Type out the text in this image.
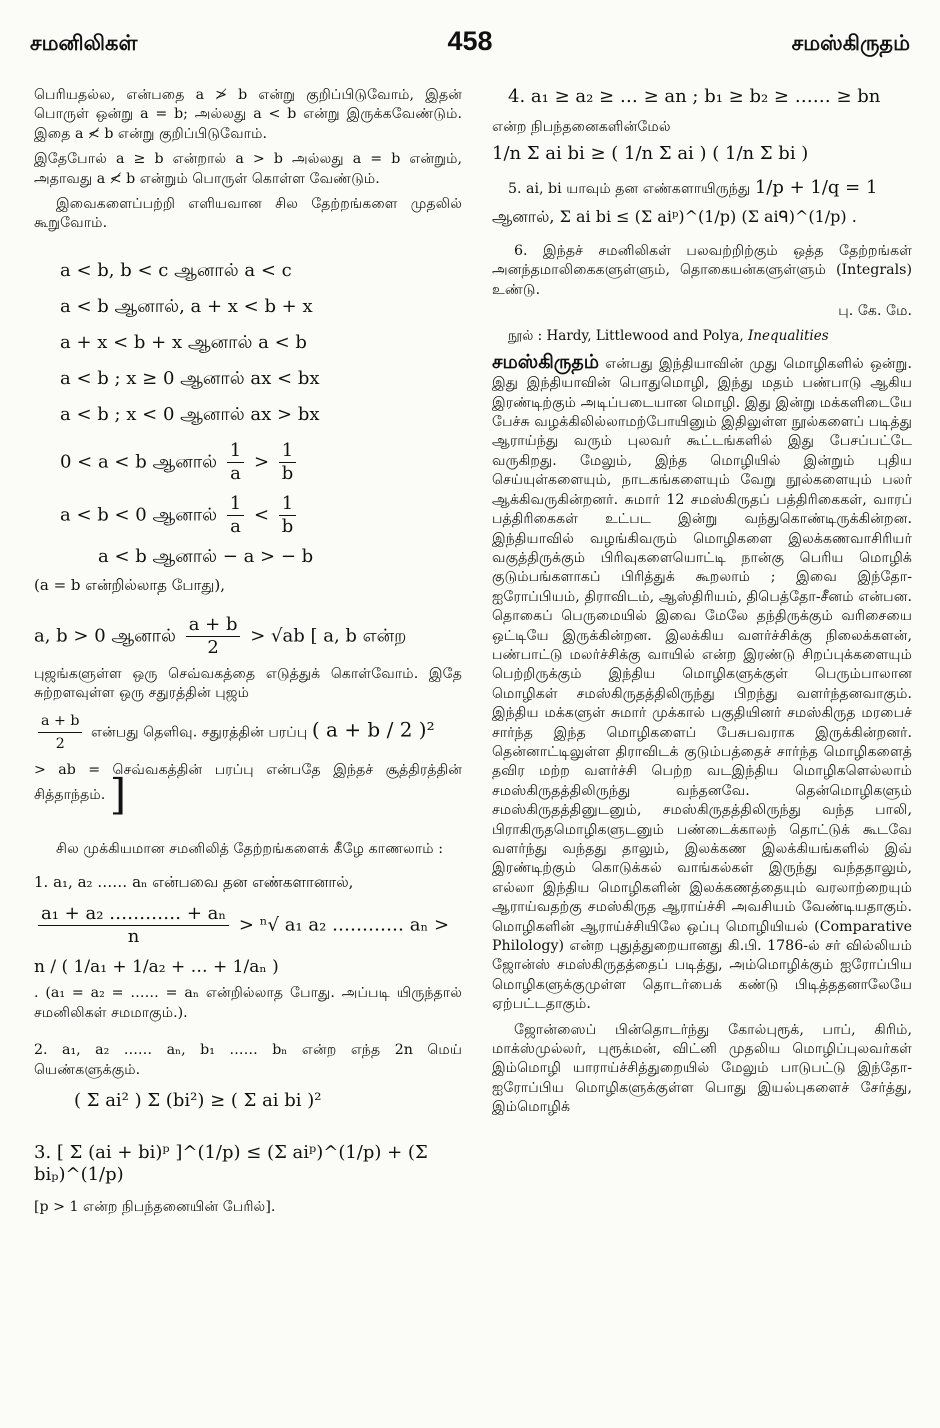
சமனிலிகள்	458	சமஸ்கிருதம்

பெரியதல்ல, என்பதை a ≯ b என்று குறிப்பிடுவோம், இதன் பொருள் ஒன்று a = b; அல்லது a < b என்று இருக்கவேண்டும். இதை a ≮ b என்று குறிப்பிடுவோம்.

இதேபோல் a ≥ b என்றால் a > b அல்லது a = b என்றும், அதாவது a ≮ b என்றும் பொருள் கொள்ள வேண்டும்.

இவைகளைப்பற்றி எளியவான சில தேற்றங்களை முதலில் கூறுவோம்.

a < b, b < c ஆனால் a < c

a < b ஆனால், a + x < b + x

a + x < b + x ஆனால் a < b

a < b ; x ≥ 0 ஆனால் ax < bx

a < b ; x < 0 ஆனால் ax > bx

0 < a < b ஆனால் $\frac{1}{a} > \frac{1}{b}$

a < b < 0 ஆனால் $\frac{1}{a} < \frac{1}{b}$

a < b ஆனால் − a > − b

(a = b என்றில்லாத போது),

a, b > 0 ஆனால் $\frac{a + b}{2} > √ab$ [ a, b என்ற

புஜங்களுள்ள ஒரு செவ்வகத்தை எடுத்துக் கொள்வோம். இதே சுற்றளவுள்ள ஒரு சதுரத்தின் புஜம்

$\frac{a + b}{2}$ என்பது தெளிவு. சதுரத்தின் பரப்பு ( a + b / 2 )²

> ab = செவ்வகத்தின் பரப்பு என்பதே இந்தச் சூத்திரத்தின் சித்தாந்தம். ]

சில முக்கியமான சமனிலித் தேற்றங்களைக் கீழே காணலாம் :

1. a₁, a₂ …… aₙ என்பவை தன எண்களானால்,

$\frac{\text{a₁ + a₂ ………… + aₙ}}{n} > ^n√$ a₁ a₂ ………… aₙ >

n / ( 1/a₁ + 1/a₂ + … + 1/aₙ )

. (a₁ = a₂ = …… = aₙ என்றில்லாத போது. அப்படி யிருந்தால் சமனிலிகள் சமமாகும்.).

2. a₁, a₂ …… aₙ, b₁ …… bₙ என்ற எந்த 2n மெய் யெண்களுக்கும்.

( Σ ai² ) Σ (bi²) ≥ ( Σ ai bi )²

3. [ Σ (ai + bi)ᵖ ]^(1/p) ≤ (Σ aiᵖ)^(1/p) + (Σ biₚ)^(1/p)

[p > 1 என்ற நிபந்தனையின் பேரில்].

4. a₁ ≥ a₂ ≥ … ≥ an ; b₁ ≥ b₂ ≥ …… ≥ bn

என்ற நிபந்தனைகளின்மேல்

1/n Σ ai bi ≥ ( 1/n Σ ai ) ( 1/n Σ bi )

5. ai, bi யாவும் தன எண்களாயிருந்து 1/p + 1/q = 1

ஆனால், Σ ai bi ≤ (Σ aiᵖ)^(1/p) (Σ aiᑫ)^(1/p) .

6. இந்தச் சமனிலிகள் பலவற்றிற்கும் ஒத்த தேற்றங்கள் அனந்தமாலிகைகளுள்ளும், தொகையன்களுள்ளும் (Integrals) உண்டு.

பு. கே. மே.

நூல் : Hardy, Littlewood and Polya, Inequalities

சமஸ்கிருதம் என்பது இந்தியாவின் முது மொழிகளில் ஒன்று. இது இந்தியாவின் பொதுமொழி, இந்து மதம் பண்பாடு ஆகிய இரண்டிற்கும் அடிப்படையான மொழி. இது இன்று மக்களிடையே பேச்சு வழக்கிலில்லாமற்போயினும் இதிலுள்ள நூல்களைப் படித்து ஆராய்ந்து வரும் புலவர் கூட்டங்களில் இது பேசப்பட்டே வருகிறது. மேலும், இந்த மொழியில் இன்றும் புதிய செய்யுள்களையும், நாடகங்களையும் வேறு நூல்களையும் பலர் ஆக்கிவருகின்றனர். சுமார் 12 சமஸ்கிருதப் பத்திரிகைகள், வாரப் பத்திரிகைகள் உட்பட இன்று வந்துகொண்டிருக்கின்றன. இந்தியாவில் வழங்கிவரும் மொழிகளை இலக்கணவாசிரியர் வகுத்திருக்கும் பிரிவுகளையொட்டி நான்கு பெரிய மொழிக் குடும்பங்களாகப் பிரித்துக் கூறலாம் ; இவை இந்தோ-ஐரோப்பியம், திராவிடம், ஆஸ்திரியம், திபெத்தோ-சீனம் என்பன. தொகைப் பெருமையில் இவை மேலே தந்திருக்கும் வரிசையை ஒட்டியே இருக்கின்றன. இலக்கிய வளர்ச்சிக்கு நிலைக்களன், பண்பாட்டு மலர்ச்சிக்கு வாயில் என்ற இரண்டு சிறப்புக்களையும் பெற்றிருக்கும் இந்திய மொழிகளுக்குள் பெரும்பாலான மொழிகள் சமஸ்கிருதத்திலிருந்து பிறந்து வளர்ந்தனவாகும். இந்திய மக்களுள் சுமார் முக்கால் பகுதியினர் சமஸ்கிருத மரபைச் சார்ந்த இந்த மொழிகளைப் பேசுபவராக இருக்கின்றனர். தென்னாட்டிலுள்ள திராவிடக் குடும்பத்தைச் சார்ந்த மொழிகளைத் தவிர மற்ற வளர்ச்சி பெற்ற வடஇந்திய மொழிகளெல்லாம் சமஸ்கிருதத்திலிருந்து வந்தனவே. தென்மொழிகளும் சமஸ்கிருதத்தினுடனும், சமஸ்கிருதத்திலிருந்து வந்த பாலி, பிராகிருதமொழிகளுடனும் பண்டைக்காலந் தொட்டுக் கூடவே வளர்ந்து வந்தது தாலும், இலக்கண இலக்கியங்களில் இவ் இரண்டிற்கும் கொடுக்கல் வாங்கல்கள் இருந்து வந்ததாலும், எல்லா இந்திய மொழிகளின் இலக்கணத்தையும் வரலாற்றையும் ஆராய்வதற்கு சமஸ்கிருத ஆராய்ச்சி அவசியம் வேண்டியதாகும். மொழிகளின் ஆராய்ச்சியிலே ஒப்பு மொழியியல் (Comparative Philology) என்ற புதுத்துறையானது கி.பி. 1786-ல் சர் வில்லியம் ஜோன்ஸ் சமஸ்கிருதத்தைப் படித்து, அம்மொழிக்கும் ஐரோப்பிய மொழிகளுக்குமுள்ள தொடர்பைக் கண்டு பிடித்ததனாலேயே ஏற்பட்டதாகும்.

ஜோன்ஸைப் பின்தொடர்ந்து கோல்புரூக், பாப், கிரிம், மாக்ஸ்முல்லர், புரூக்மன், விட்னி முதலிய மொழிப்புலவர்கள் இம்மொழி யாராய்ச்சித்துறையில் மேலும் பாடுபட்டு இந்தோ-ஐரோப்பிய மொழிகளுக்குள்ள பொது இயல்புகளைச் சேர்த்து, இம்மொழிக்
